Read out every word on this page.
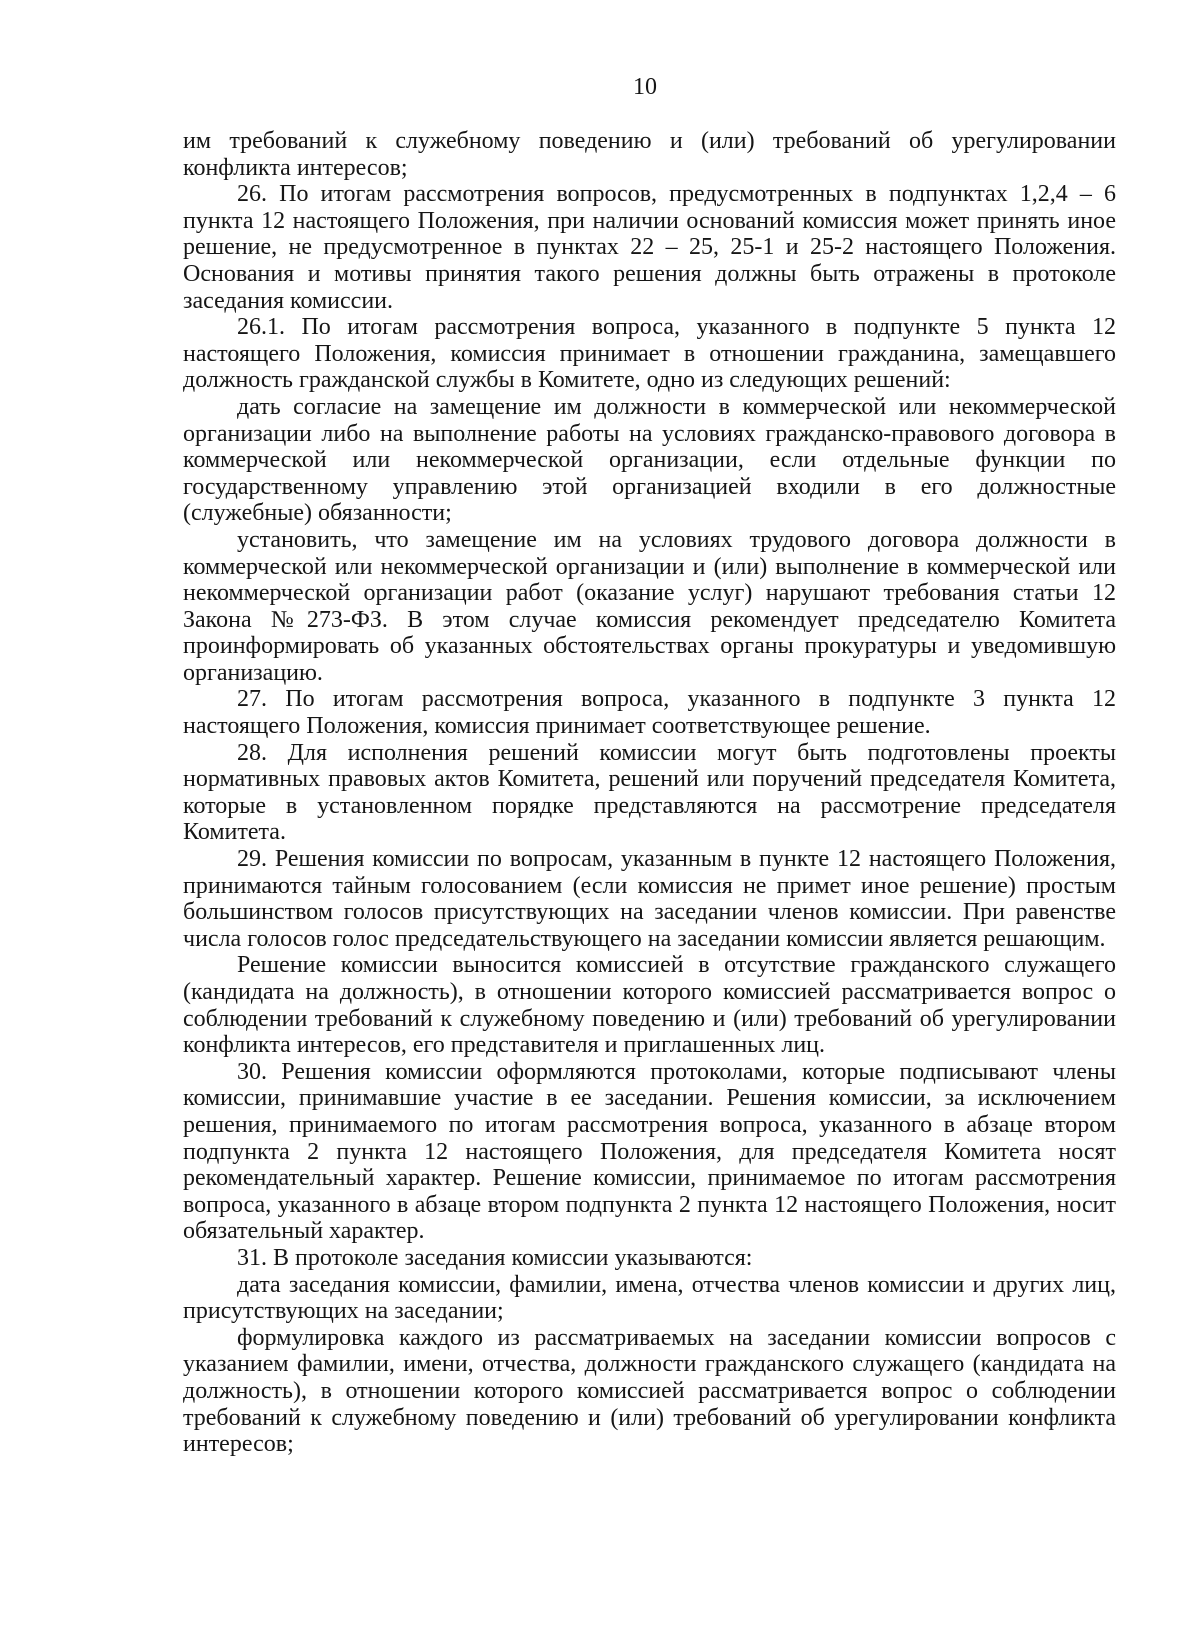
10

им требований к служебному поведению и (или) требований об урегулировании конфликта интересов;

26. По итогам рассмотрения вопросов, предусмотренных в подпунктах 1,2,4 – 6 пункта 12 настоящего Положения, при наличии оснований комиссия может принять иное решение, не предусмотренное в пунктах 22 – 25, 25-1 и 25-2 настоящего Положения. Основания и мотивы принятия такого решения должны быть отражены в протоколе заседания комиссии.

26.1. По итогам рассмотрения вопроса, указанного в подпункте 5 пункта 12 настоящего Положения, комиссия принимает в отношении гражданина, замещавшего должность гражданской службы в Комитете, одно из следующих решений:

дать согласие на замещение им должности в коммерческой или некоммерческой организации либо на выполнение работы на условиях гражданско-правового договора в коммерческой или некоммерческой организации, если отдельные функции по государственному управлению этой организацией входили в его должностные (служебные) обязанности;

установить, что замещение им на условиях трудового договора должности в коммерческой или некоммерческой организации и (или) выполнение в коммерческой или некоммерческой организации работ (оказание услуг) нарушают требования статьи 12 Закона №273-ФЗ. В этом случае комиссия рекомендует председателю Комитета проинформировать об указанных обстоятельствах органы прокуратуры и уведомившую организацию.

27. По итогам рассмотрения вопроса, указанного в подпункте 3 пункта 12 настоящего Положения, комиссия принимает соответствующее решение.

28. Для исполнения решений комиссии могут быть подготовлены проекты нормативных правовых актов Комитета, решений или поручений председателя Комитета, которые в установленном порядке представляются на рассмотрение председателя Комитета.

29. Решения комиссии по вопросам, указанным в пункте 12 настоящего Положения, принимаются тайным голосованием (если комиссия не примет иное решение) простым большинством голосов присутствующих на заседании членов комиссии. При равенстве числа голосов голос председательствующего на заседании комиссии является решающим.

Решение комиссии выносится комиссией в отсутствие гражданского служащего (кандидата на должность), в отношении которого комиссией рассматривается вопрос о соблюдении требований к служебному поведению и (или) требований об урегулировании конфликта интересов, его представителя и приглашенных лиц.

30. Решения комиссии оформляются протоколами, которые подписывают члены комиссии, принимавшие участие в ее заседании. Решения комиссии, за исключением решения, принимаемого по итогам рассмотрения вопроса, указанного в абзаце втором подпункта 2 пункта 12 настоящего Положения, для председателя Комитета носят рекомендательный характер. Решение комиссии, принимаемое по итогам рассмотрения вопроса, указанного в абзаце втором подпункта 2 пункта 12 настоящего Положения, носит обязательный характер.

31. В протоколе заседания комиссии указываются:

дата заседания комиссии, фамилии, имена, отчества членов комиссии и других лиц, присутствующих на заседании;

формулировка каждого из рассматриваемых на заседании комиссии вопросов с указанием фамилии, имени, отчества, должности гражданского служащего (кандидата на должность), в отношении которого комиссией рассматривается вопрос о соблюдении требований к служебному поведению и (или) требований об урегулировании конфликта интересов;
